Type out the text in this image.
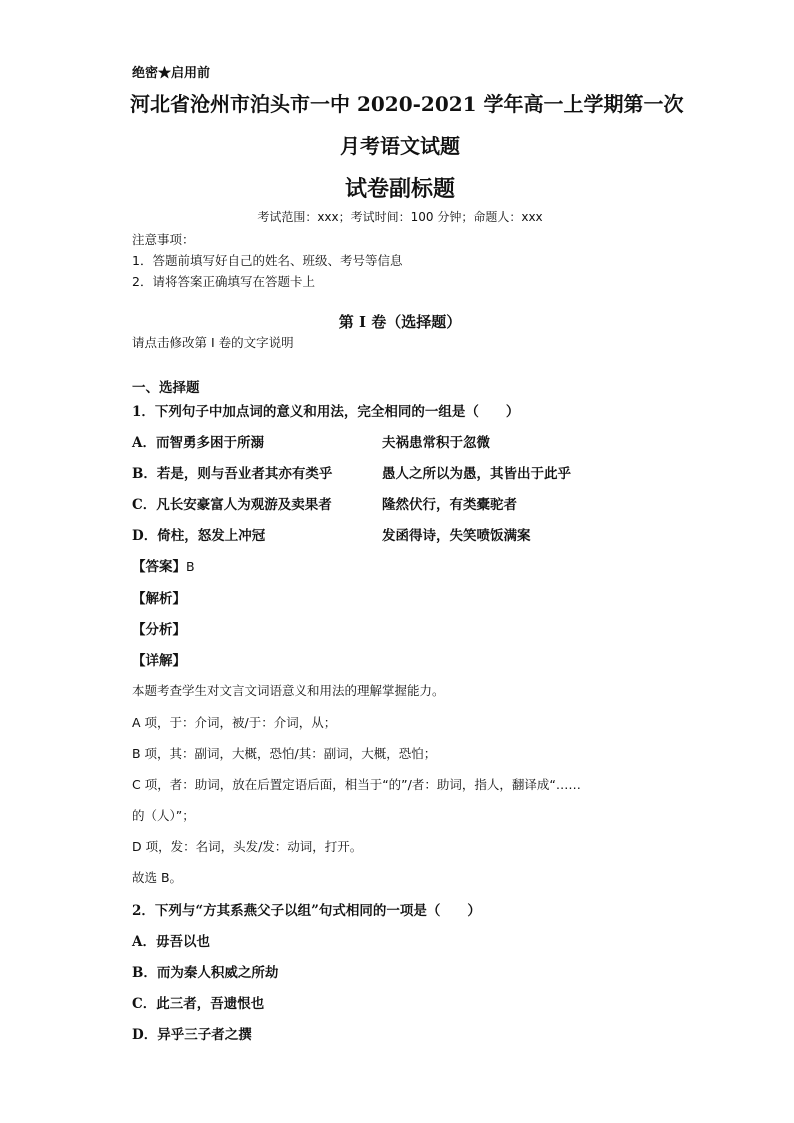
绝密★启用前
河北省沧州市泊头市一中 2020-2021 学年高一上学期第一次
月考语文试题
试卷副标题
考试范围：xxx；考试时间：100 分钟；命题人：xxx
注意事项：
1．答题前填写好自己的姓名、班级、考号等信息
2．请将答案正确填写在答题卡上
第 I 卷（选择题）
请点击修改第 I 卷的文字说明
一、选择题
1．下列句子中加点词的意义和用法，完全相同的一组是（　　）
A．而智勇多困于所溺	夫祸患常积于忽微
B．若是，则与吾业者其亦有类乎	愚人之所以为愚，其皆出于此乎
C．凡长安豪富人为观游及卖果者	隆然伏行，有类橐驼者
D．倚柱，怒发上冲冠	发函得诗，失笑喷饭满案
【答案】B
【解析】
【分析】
【详解】
本题考查学生对文言文词语意义和用法的理解掌握能力。
A 项，于：介词，被/于：介词，从；
B 项，其：副词，大概，恐怕/其：副词，大概，恐怕；
C 项，者：助词，放在后置定语后面，相当于“的”/者：助词，指人，翻译成“……
的（人）”；
D 项，发：名词，头发/发：动词，打开。
故选 B。
2．下列与“方其系燕父子以组”句式相同的一项是（　　）
A．毋吾以也
B．而为秦人积威之所劫
C．此三者，吾遗恨也
D．异乎三子者之撰
